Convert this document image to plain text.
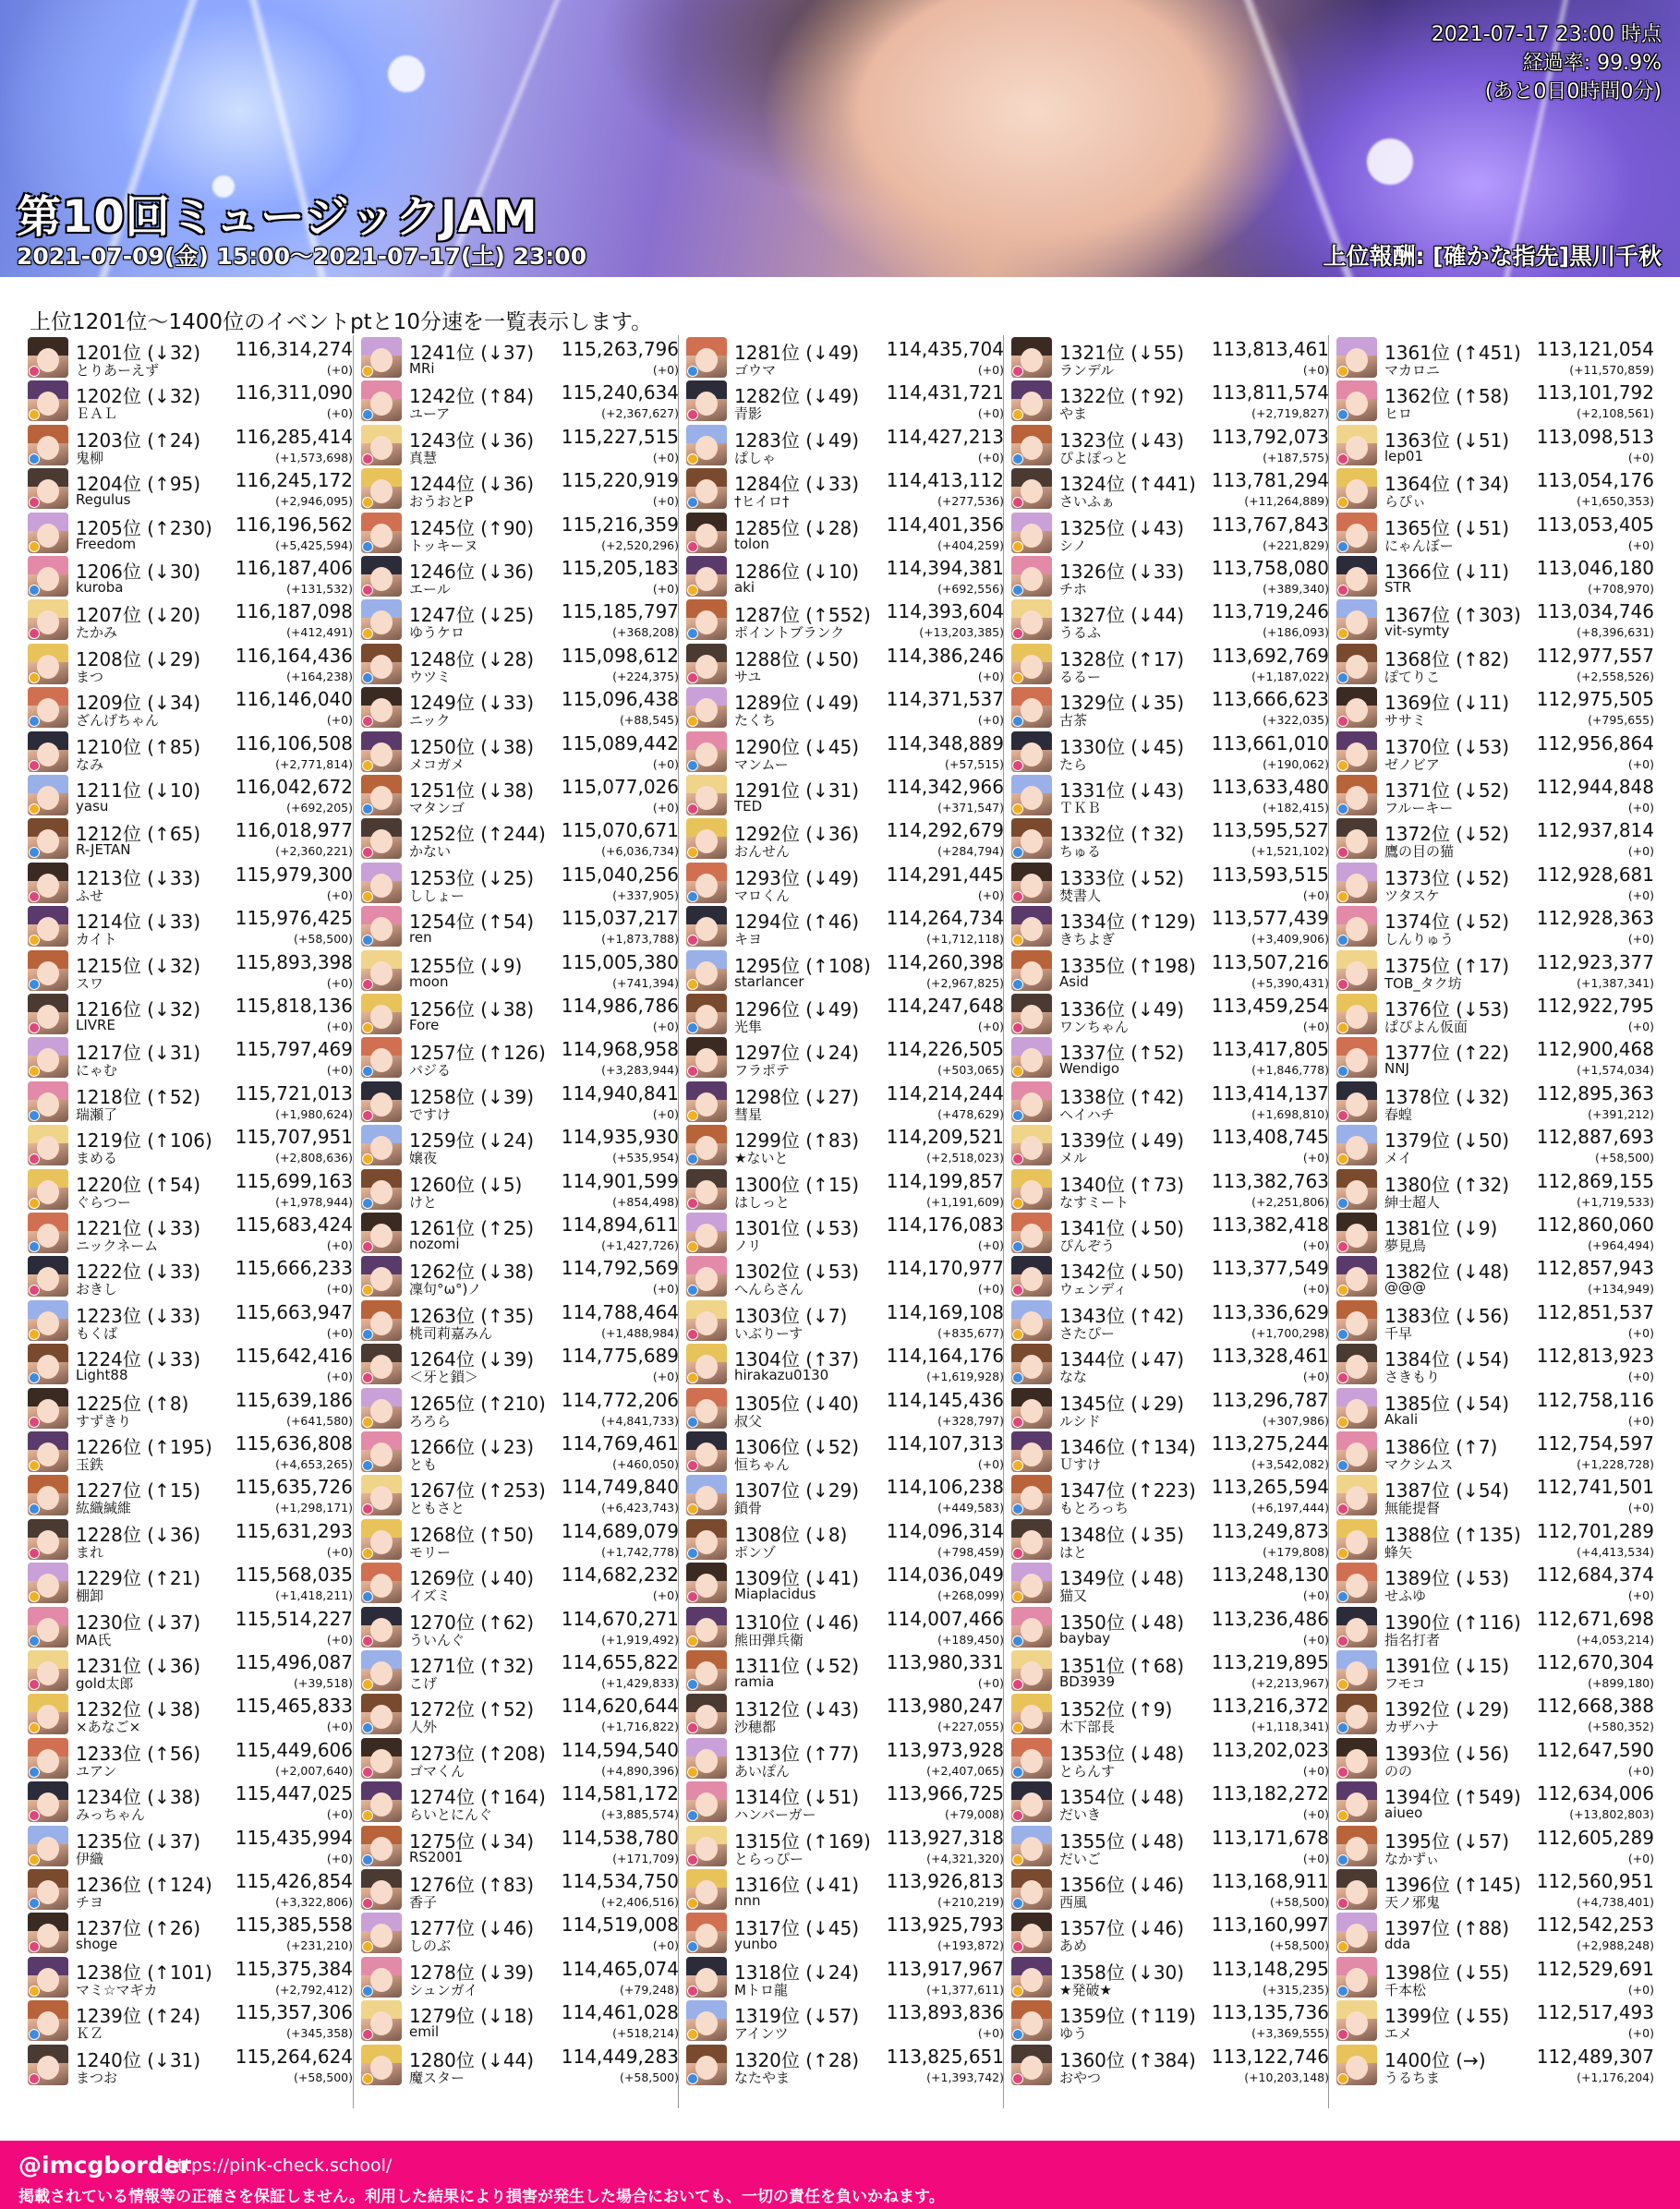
第10回ミュージックJAM
2021-07-09(金) 15:00～2021-07-17(土) 23:00	上位報酬: [確かな指先]黒川千秋
2021-07-17 23:00 時点
経過率: 99.9%
(あと0日0時間0分)
上位1201位～1400位のイベントptと10分速を一覧表示します。
1201位 (↓32) 116,314,274
とりあーえず	(+0)
1202位 (↓32) 116,311,090
ＥＡＬ	(+0)
1203位 (↑24) 116,285,414
鬼柳	(+1,573,698)
1204位 (↑95) 116,245,172
Regulus	(+2,946,095)
1205位 (↑230) 116,196,562
Freedom	(+5,425,594)
1206位 (↓30) 116,187,406
kuroba	(+131,532)
1207位 (↓20) 116,187,098
たかみ	(+412,491)
1208位 (↓29) 116,164,436
まつ	(+164,238)
1209位 (↓34) 116,146,040
ざんげちゃん	(+0)
1210位 (↑85) 116,106,508
なみ	(+2,771,814)
1211位 (↓10) 116,042,672
yasu	(+692,205)
1212位 (↑65) 116,018,977
R-JETAN	(+2,360,221)
1213位 (↓33) 115,979,300
ふせ	(+0)
1214位 (↓33) 115,976,425
カイト	(+58,500)
1215位 (↓32) 115,893,398
スワ	(+0)
1216位 (↓32) 115,818,136
LIVRE	(+0)
1217位 (↓31) 115,797,469
にゃむ	(+0)
1218位 (↑52) 115,721,013
瑞瀬了	(+1,980,624)
1219位 (↑106) 115,707,951
まめる	(+2,808,636)
1220位 (↑54) 115,699,163
ぐらつー	(+1,978,944)
1221位 (↓33) 115,683,424
ニックネーム	(+0)
1222位 (↓33) 115,666,233
おきし	(+0)
1223位 (↓33) 115,663,947
もくば	(+0)
1224位 (↓33) 115,642,416
Light88	(+0)
1225位 (↑8)	115,639,186
すずきり	(+641,580)
1226位 (↑195) 115,636,808
玉鉄	(+4,653,265)
1227位 (↑15) 115,635,726
紘織緘維	(+1,298,171)
1228位 (↓36) 115,631,293
まれ	(+0)
1229位 (↑21) 115,568,035
棚卸	(+1,418,211)
1230位 (↓37) 115,514,227
MA氏	(+0)
1231位 (↓36) 115,496,087
gold太郎	(+39,518)
1232位 (↓38) 115,465,833
×あなご×	(+0)
1233位 (↑56) 115,449,606
ユアン	(+2,007,640)
1234位 (↓38) 115,447,025
みっちゃん	(+0)
1235位 (↓37) 115,435,994
伊織	(+0)
1236位 (↑124) 115,426,854
チヨ	(+3,322,806)
1237位 (↑26) 115,385,558
shoge	(+231,210)
1238位 (↑101) 115,375,384
マミ☆マギカ	(+2,792,412)
1239位 (↑24) 115,357,306
ＫＺ	(+345,358)
1240位 (↓31) 115,264,624
まつお	(+58,500)
1241位 (↓37) 115,263,796
MRi	(+0)
1242位 (↑84) 115,240,634
ユーア	(+2,367,627)
1243位 (↓36) 115,227,515
真慧	(+0)
1244位 (↓36) 115,220,919
おうおとP	(+0)
1245位 (↑90) 115,216,359
トッキーヌ	(+2,520,296)
1246位 (↓36) 115,205,183
エール	(+0)
1247位 (↓25) 115,185,797
ゆうケロ	(+368,208)
1248位 (↓28) 115,098,612
ウツミ	(+224,375)
1249位 (↓33) 115,096,438
ニック	(+88,545)
1250位 (↓38) 115,089,442
メコガメ	(+0)
1251位 (↓38) 115,077,026
マタンゴ	(+0)
1252位 (↑244) 115,070,671
かない	(+6,036,734)
1253位 (↓25) 115,040,256
ししょー	(+337,905)
1254位 (↑54) 115,037,217
ren	(+1,873,788)
1255位 (↓9) 115,005,380
moon	(+741,394)
1256位 (↓38) 114,986,786
Fore	(+0)
1257位 (↑126) 114,968,958
バジる	(+3,283,944)
1258位 (↓39) 114,940,841
ですけ	(+0)
1259位 (↓24) 114,935,930
嬢夜	(+535,954)
1260位 (↓5) 114,901,599
けと	(+854,498)
1261位 (↑25) 114,894,611
nozomi	(+1,427,726)
1262位 (↓38) 114,792,569
凜句°ω°)ノ	(+0)
1263位 (↑35) 114,788,464
桃司莉嘉みん	(+1,488,984)
1264位 (↓39) 114,775,689
＜牙と鎖＞	(+0)
1265位 (↑210) 114,772,206
ろろら	(+4,841,733)
1266位 (↓23) 114,769,461
とも	(+460,050)
1267位 (↑253) 114,749,840
ともさと	(+6,423,743)
1268位 (↑50) 114,689,079
モリー	(+1,742,778)
1269位 (↓40) 114,682,232
イズミ	(+0)
1270位 (↑62) 114,670,271
ういんぐ	(+1,919,492)
1271位 (↑32) 114,655,822
こげ	(+1,429,833)
1272位 (↑52) 114,620,644
人外	(+1,716,822)
1273位 (↑208) 114,594,540
ゴマくん	(+4,890,396)
1274位 (↑164) 114,581,172
らいとにんぐ	(+3,885,574)
1275位 (↓34) 114,538,780
RS2001	(+171,709)
1276位 (↑83) 114,534,750
香子	(+2,406,516)
1277位 (↓46) 114,519,008
しのぶ	(+0)
1278位 (↓39) 114,465,074
シュンガイ	(+79,248)
1279位 (↓18) 114,461,028
emil	(+518,214)
1280位 (↓44) 114,449,283
魔スター	(+58,500)
1281位 (↓49) 114,435,704
ゴウマ	(+0)
1282位 (↓49) 114,431,721
青影	(+0)
1283位 (↓49) 114,427,213
ぱしゃ	(+0)
1284位 (↓33) 114,413,112
†ヒイロ†	(+277,536)
1285位 (↓28) 114,401,356
tolon	(+404,259)
1286位 (↓10) 114,394,381
aki	(+692,556)
1287位 (↑552) 114,393,604
ポイントブランク	(+13,203,385)
1288位 (↓50) 114,386,246
サユ	(+0)
1289位 (↓49) 114,371,537
たくち	(+0)
1290位 (↓45) 114,348,889
マンムー	(+57,515)
1291位 (↓31) 114,342,966
TED	(+371,547)
1292位 (↓36) 114,292,679
おんせん	(+284,794)
1293位 (↓49) 114,291,445
マロくん	(+0)
1294位 (↑46) 114,264,734
キヨ	(+1,712,118)
1295位 (↑108) 114,260,398
starlancer	(+2,967,825)
1296位 (↓49) 114,247,648
光隼	(+0)
1297位 (↓24) 114,226,505
フラポテ	(+503,065)
1298位 (↓27) 114,214,244
彗星	(+478,629)
1299位 (↑83) 114,209,521
★ないと	(+2,518,023)
1300位 (↑15) 114,199,857
はしっと	(+1,191,609)
1301位 (↓53) 114,176,083
ノリ	(+0)
1302位 (↓53) 114,170,977
へんらさん	(+0)
1303位 (↓7) 114,169,108
いぶりーす	(+835,677)
1304位 (↑37) 114,164,176
hirakazu0130	(+1,619,928)
1305位 (↓40) 114,145,436
叔父	(+328,797)
1306位 (↓52) 114,107,313
恒ちゃん	(+0)
1307位 (↓29) 114,106,238
鎖骨	(+449,583)
1308位 (↓8) 114,096,314
ポンゾ	(+798,459)
1309位 (↓41) 114,036,049
Miaplacidus	(+268,099)
1310位 (↓46) 114,007,466
熊田弾兵衛	(+189,450)
1311位 (↓52) 113,980,331
ramia	(+0)
1312位 (↓43) 113,980,247
沙穂都	(+227,055)
1313位 (↑77) 113,973,928
あいぽん	(+2,407,065)
1314位 (↓51) 113,966,725
ハンバーガー	(+79,008)
1315位 (↑169) 113,927,318
とらっぴー	(+4,321,320)
1316位 (↓41) 113,926,813
nnn	(+210,219)
1317位 (↓45) 113,925,793
yunbo	(+193,872)
1318位 (↓24) 113,917,967
Mトロ龍	(+1,377,611)
1319位 (↓57) 113,893,836
アインツ	(+0)
1320位 (↑28) 113,825,651
なたやま	(+1,393,742)
1321位 (↓55) 113,813,461
ランデル	(+0)
1322位 (↑92) 113,811,574
やま	(+2,719,827)
1323位 (↓43) 113,792,073
ぴよぽっと	(+187,575)
1324位 (↑441) 113,781,294
さいふぁ	(+11,264,889)
1325位 (↓43) 113,767,843
シノ	(+221,829)
1326位 (↓33) 113,758,080
チホ	(+389,340)
1327位 (↓44) 113,719,246
うるふ	(+186,093)
1328位 (↑17) 113,692,769
るるー	(+1,187,022)
1329位 (↓35) 113,666,623
古茶	(+322,035)
1330位 (↓45) 113,661,010
たら	(+190,062)
1331位 (↓43) 113,633,480
ＴＫＢ	(+182,415)
1332位 (↑32) 113,595,527
ちゅる	(+1,521,102)
1333位 (↓52) 113,593,515
焚書人	(+0)
1334位 (↑129) 113,577,439
きちよぎ	(+3,409,906)
1335位 (↑198) 113,507,216
Asid	(+5,390,431)
1336位 (↓49) 113,459,254
ワンちゃん	(+0)
1337位 (↑52) 113,417,805
Wendigo	(+1,846,778)
1338位 (↑42) 113,414,137
ヘイハチ	(+1,698,810)
1339位 (↓49) 113,408,745
メル	(+0)
1340位 (↑73) 113,382,763
なすミート	(+2,251,806)
1341位 (↓50) 113,382,418
ぴんぞう	(+0)
1342位 (↓50) 113,377,549
ウェンディ	(+0)
1343位 (↑42) 113,336,629
さたぴー	(+1,700,298)
1344位 (↓47) 113,328,461
なな	(+0)
1345位 (↓29) 113,296,787
ルシド	(+307,986)
1346位 (↑134) 113,275,244
Ｕすけ	(+3,542,082)
1347位 (↑223) 113,265,594
もとろっち	(+6,197,444)
1348位 (↓35) 113,249,873
はと	(+179,808)
1349位 (↓48) 113,248,130
猫又	(+0)
1350位 (↓48) 113,236,486
baybay	(+0)
1351位 (↑68) 113,219,895
BD3939	(+2,213,967)
1352位 (↑9) 113,216,372
木下部長	(+1,118,341)
1353位 (↓48) 113,202,023
とらんす	(+0)
1354位 (↓48) 113,182,272
だいき	(+0)
1355位 (↓48) 113,171,678
だいご	(+0)
1356位 (↓46) 113,168,911
西風	(+58,500)
1357位 (↓46) 113,160,997
あめ	(+58,500)
1358位 (↓30) 113,148,295
★発破★	(+315,235)
1359位 (↑119) 113,135,736
ゆう	(+3,369,555)
1360位 (↑384) 113,122,746
おやつ	(+10,203,148)
1361位 (↑451) 113,121,054
マカロニ	(+11,570,859)
1362位 (↑58) 113,101,792
ヒロ	(+2,108,561)
1363位 (↓51) 113,098,513
lep01	(+0)
1364位 (↑34) 113,054,176
らぴぃ	(+1,650,353)
1365位 (↓51) 113,053,405
にゃんぼー	(+0)
1366位 (↓11) 113,046,180
STR	(+708,970)
1367位 (↑303) 113,034,746
vit-symty	(+8,396,631)
1368位 (↑82) 112,977,557
ぽてりこ	(+2,558,526)
1369位 (↓11) 112,975,505
ササミ	(+795,655)
1370位 (↓53) 112,956,864
ゼノビア	(+0)
1371位 (↓52) 112,944,848
フルーキー	(+0)
1372位 (↓52) 112,937,814
鷹の目の猫	(+0)
1373位 (↓52) 112,928,681
ツタスケ	(+0)
1374位 (↓52) 112,928,363
しんりゅう	(+0)
1375位 (↑17) 112,923,377
TOB_タク坊	(+1,387,341)
1376位 (↓53) 112,922,795
ぱぴよん仮面	(+0)
1377位 (↑22) 112,900,468
NNJ	(+1,574,034)
1378位 (↓32) 112,895,363
春蝗	(+391,212)
1379位 (↓50) 112,887,693
メイ	(+58,500)
1380位 (↑32) 112,869,155
紳士超人	(+1,719,533)
1381位 (↓9) 112,860,060
夢見鳥	(+964,494)
1382位 (↓48) 112,857,943
@@@	(+134,949)
1383位 (↓56) 112,851,537
千早	(+0)
1384位 (↓54) 112,813,923
さきもり	(+0)
1385位 (↓54) 112,758,116
Akali	(+0)
1386位 (↑7) 112,754,597
マクシムス	(+1,228,728)
1387位 (↓54) 112,741,501
無能提督	(+0)
1388位 (↑135) 112,701,289
蜂矢	(+4,413,534)
1389位 (↓53) 112,684,374
せふゆ	(+0)
1390位 (↑116) 112,671,698
指名打者	(+4,053,214)
1391位 (↓15) 112,670,304
フモコ	(+899,180)
1392位 (↓29) 112,668,388
カザハナ	(+580,352)
1393位 (↓56) 112,647,590
のの	(+0)
1394位 (↑549) 112,634,006
aiueo	(+13,802,803)
1395位 (↓57) 112,605,289
なかずぃ	(+0)
1396位 (↑145) 112,560,951
天ノ邪鬼	(+4,738,401)
1397位 (↑88) 112,542,253
dda	(+2,988,248)
1398位 (↓55) 112,529,691
千本松	(+0)
1399位 (↓55) 112,517,493
エメ	(+0)
1400位 (→)	112,489,307
うるちま	(+1,176,204)
@imcgborder
https://pink-check.school/
掲載されている情報等の正確さを保証しません。利用した結果により損害が発生した場合においても、一切の責任を負いかねます。
